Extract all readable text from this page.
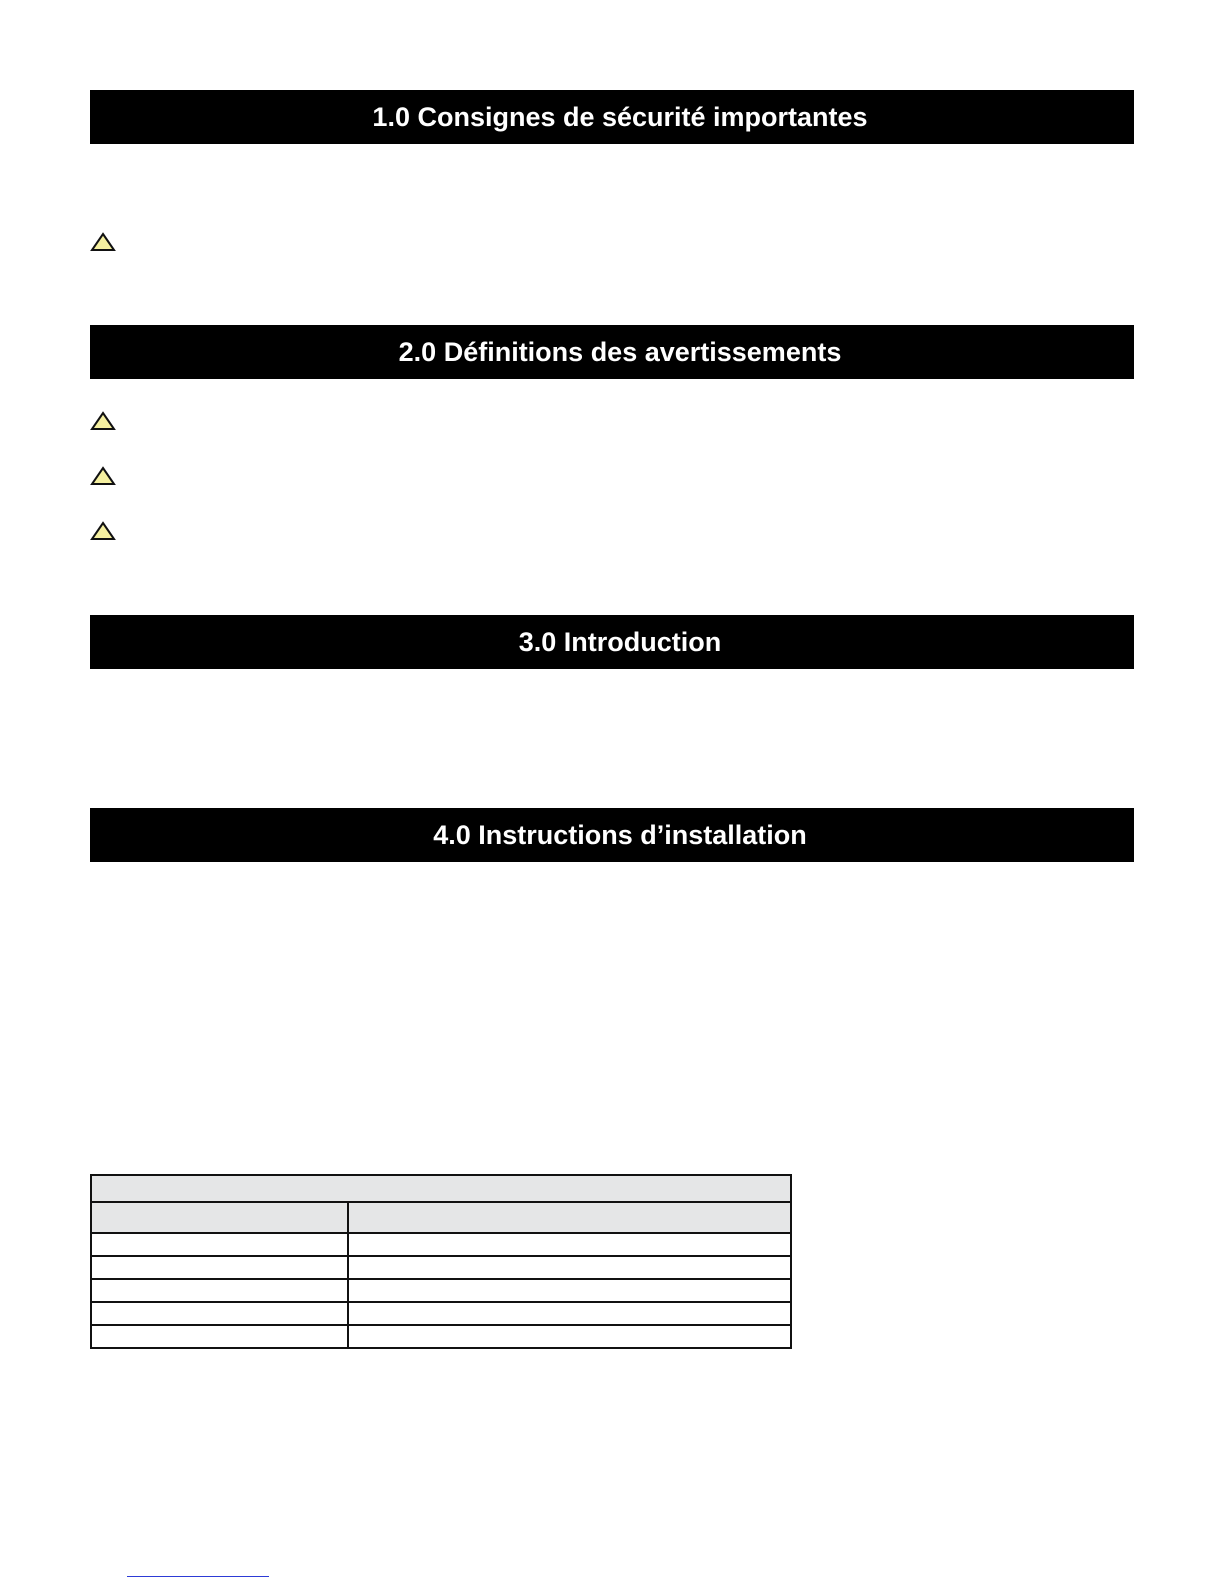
1.0 Consignes de sécurité importantes
2.0 Définitions des avertissements
3.0 Introduction
4.0 Instructions d’installation
